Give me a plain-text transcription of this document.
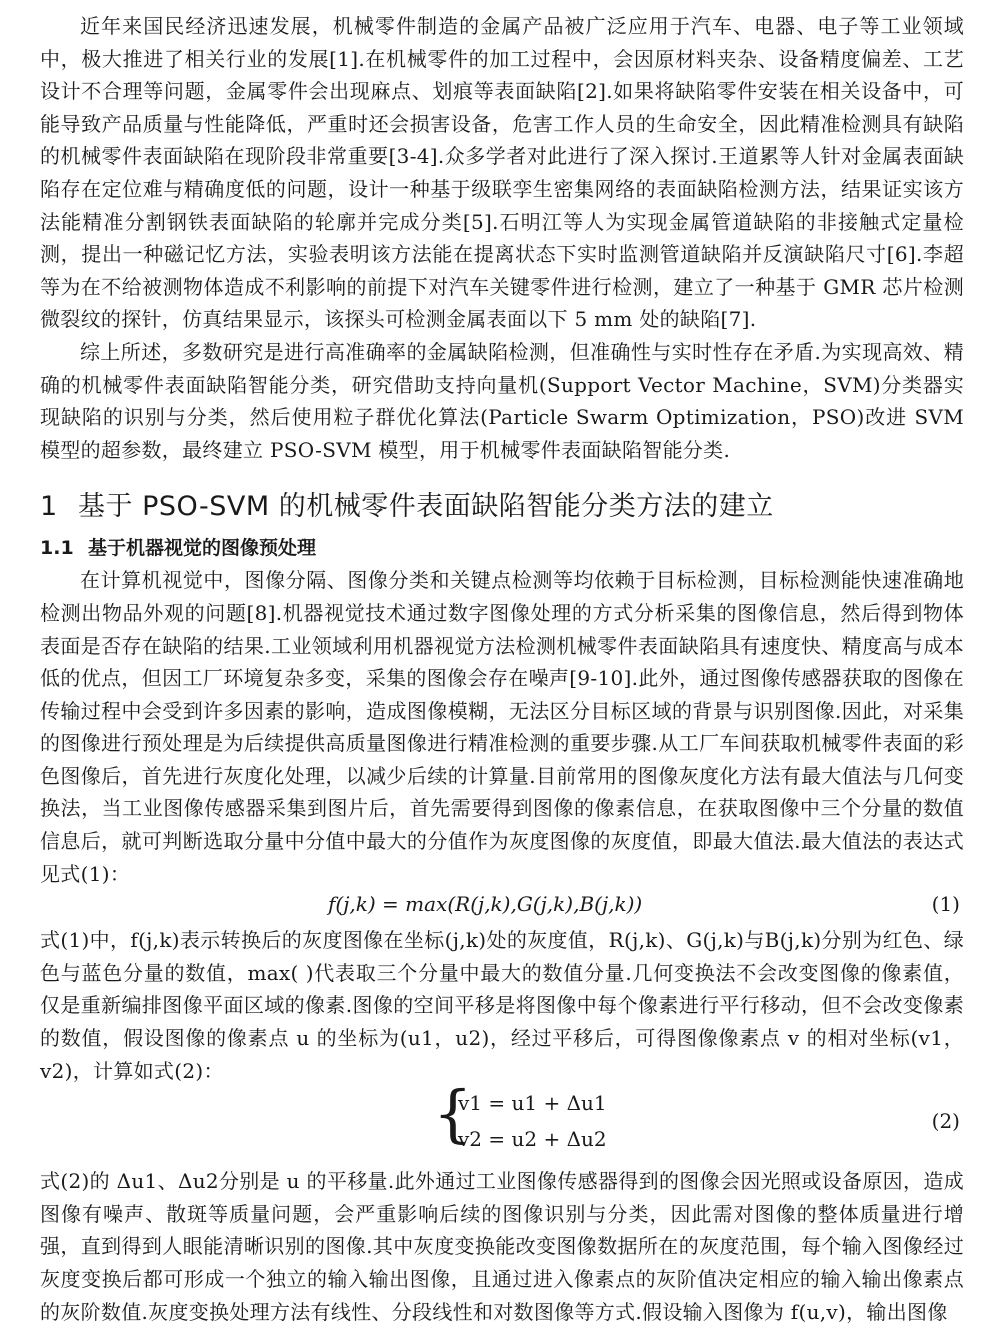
近年来国民经济迅速发展，机械零件制造的金属产品被广泛应用于汽车、电器、电子等工业领域中，极大推进了相关行业的发展[1].在机械零件的加工过程中，会因原材料夹杂、设备精度偏差、工艺设计不合理等问题，金属零件会出现麻点、划痕等表面缺陷[2].如果将缺陷零件安装在相关设备中，可能导致产品质量与性能降低，严重时还会损害设备，危害工作人员的生命安全，因此精准检测具有缺陷的机械零件表面缺陷在现阶段非常重要[3-4].众多学者对此进行了深入探讨.王道累等人针对金属表面缺陷存在定位难与精确度低的问题，设计一种基于级联孪生密集网络的表面缺陷检测方法，结果证实该方法能精准分割钢铁表面缺陷的轮廓并完成分类[5].石明江等人为实现金属管道缺陷的非接触式定量检测，提出一种磁记忆方法，实验表明该方法能在提离状态下实时监测管道缺陷并反演缺陷尺寸[6].李超等为在不给被测物体造成不利影响的前提下对汽车关键零件进行检测，建立了一种基于 GMR 芯片检测微裂纹的探针，仿真结果显示，该探头可检测金属表面以下 5 mm 处的缺陷[7].

综上所述，多数研究是进行高准确率的金属缺陷检测，但准确性与实时性存在矛盾.为实现高效、精确的机械零件表面缺陷智能分类，研究借助支持向量机(Support Vector Machine，SVM)分类器实现缺陷的识别与分类，然后使用粒子群优化算法(Particle Swarm Optimization，PSO)改进 SVM 模型的超参数，最终建立 PSO-SVM 模型，用于机械零件表面缺陷智能分类.

1 基于 PSO-SVM 的机械零件表面缺陷智能分类方法的建立
1.1 基于机器视觉的图像预处理

在计算机视觉中，图像分隔、图像分类和关键点检测等均依赖于目标检测，目标检测能快速准确地检测出物品外观的问题[8].机器视觉技术通过数字图像处理的方式分析采集的图像信息，然后得到物体表面是否存在缺陷的结果.工业领域利用机器视觉方法检测机械零件表面缺陷具有速度快、精度高与成本低的优点，但因工厂环境复杂多变，采集的图像会存在噪声[9-10].此外，通过图像传感器获取的图像在传输过程中会受到许多因素的影响，造成图像模糊，无法区分目标区域的背景与识别图像.因此，对采集的图像进行预处理是为后续提供高质量图像进行精准检测的重要步骤.从工厂车间获取机械零件表面的彩色图像后，首先进行灰度化处理，以减少后续的计算量.目前常用的图像灰度化方法有最大值法与几何变换法，当工业图像传感器采集到图片后，首先需要得到图像的像素信息，在获取图像中三个分量的数值信息后，就可判断选取分量中分值中最大的分值作为灰度图像的灰度值，即最大值法.最大值法的表达式见式(1)：

f(j,k) = max(R(j,k),G(j,k),B(j,k))	(1)

式(1)中，f(j,k)表示转换后的灰度图像在坐标(j,k)处的灰度值，R(j,k)、G(j,k)与B(j,k)分别为红色、绿色与蓝色分量的数值，max( )代表取三个分量中最大的数值分量.几何变换法不会改变图像的像素值，仅是重新编排图像平面区域的像素.图像的空间平移是将图像中每个像素进行平行移动，但不会改变像素的数值，假设图像的像素点 u 的坐标为(u1，u2)，经过平移后，可得图像像素点 v 的相对坐标(v1，v2)，计算如式(2)：

{
v1 = u1 + Δu1
v2 = u2 + Δu2
(2)

式(2)的 Δu1、Δu2分别是 u 的平移量.此外通过工业图像传感器得到的图像会因光照或设备原因，造成图像有噪声、散斑等质量问题，会严重影响后续的图像识别与分类，因此需对图像的整体质量进行增强，直到得到人眼能清晰识别的图像.其中灰度变换能改变图像数据所在的灰度范围，每个输入图像经过灰度变换后都可形成一个独立的输入输出图像，且通过进入像素点的灰阶值决定相应的输入输出像素点的灰阶数值.灰度变换处理方法有线性、分段线性和对数图像等方式.假设输入图像为 f(u,v)，输出图像
